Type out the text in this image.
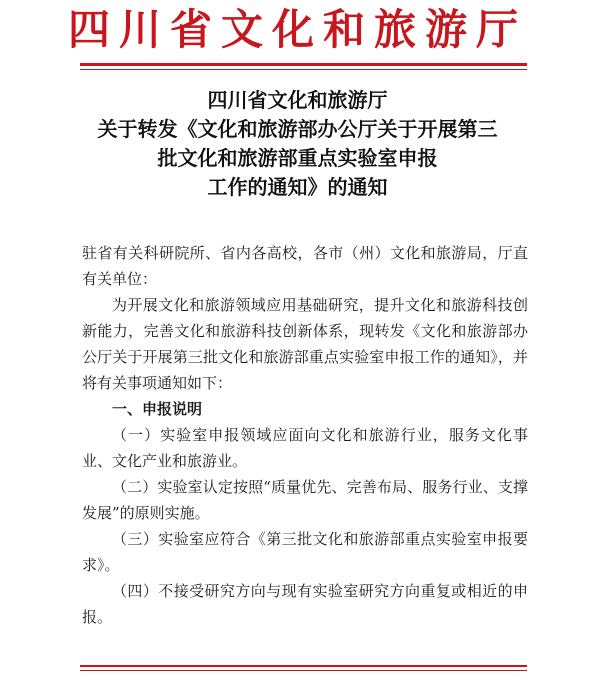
四川省文化和旅游厅
四川省文化和旅游厅
关于转发《文化和旅游部办公厅关于开展第三
批文化和旅游部重点实验室申报
工作的通知》的通知

驻省有关科研院所、省内各高校，各市（州）文化和旅游局，厅直有关单位：

为开展文化和旅游领域应用基础研究，提升文化和旅游科技创新能力，完善文化和旅游科技创新体系，现转发《文化和旅游部办公厅关于开展第三批文化和旅游部重点实验室申报工作的通知》，并将有关事项通知如下：

一、申报说明

（一）实验室申报领域应面向文化和旅游行业，服务文化事业、文化产业和旅游业。

（二）实验室认定按照“质量优先、完善布局、服务行业、支撑发展”的原则实施。

（三）实验室应符合《第三批文化和旅游部重点实验室申报要求》。

（四）不接受研究方向与现有实验室研究方向重复或相近的申报。
